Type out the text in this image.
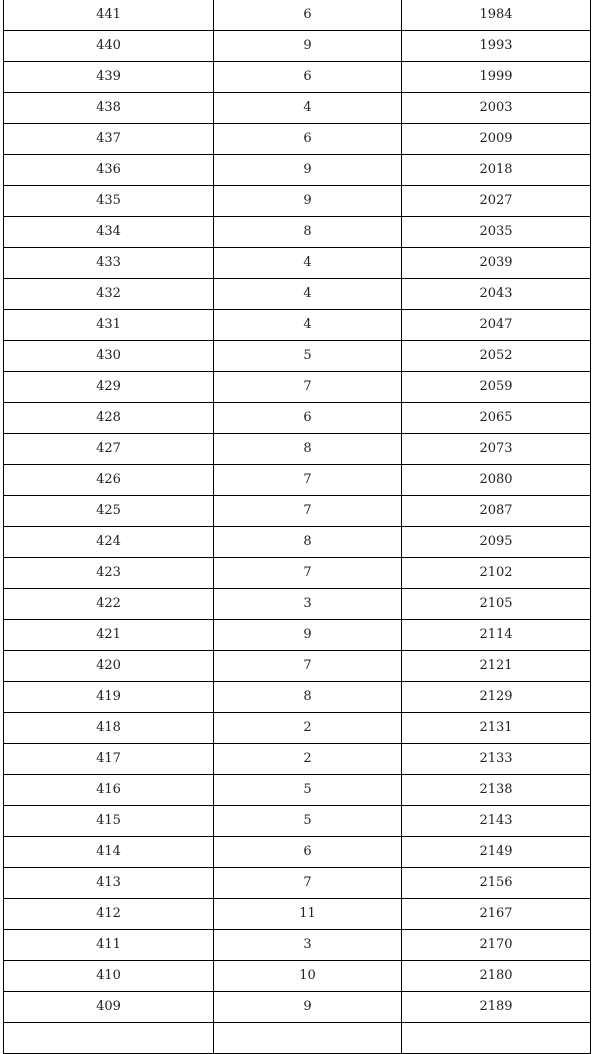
441	6	1984
440	9	1993
439	6	1999
438	4	2003
437	6	2009
436	9	2018
435	9	2027
434	8	2035
433	4	2039
432	4	2043
431	4	2047
430	5	2052
429	7	2059
428	6	2065
427	8	2073
426	7	2080
425	7	2087
424	8	2095
423	7	2102
422	3	2105
421	9	2114
420	7	2121
419	8	2129
418	2	2131
417	2	2133
416	5	2138
415	5	2143
414	6	2149
413	7	2156
412	11	2167
411	3	2170
410	10	2180
409	9	2189
